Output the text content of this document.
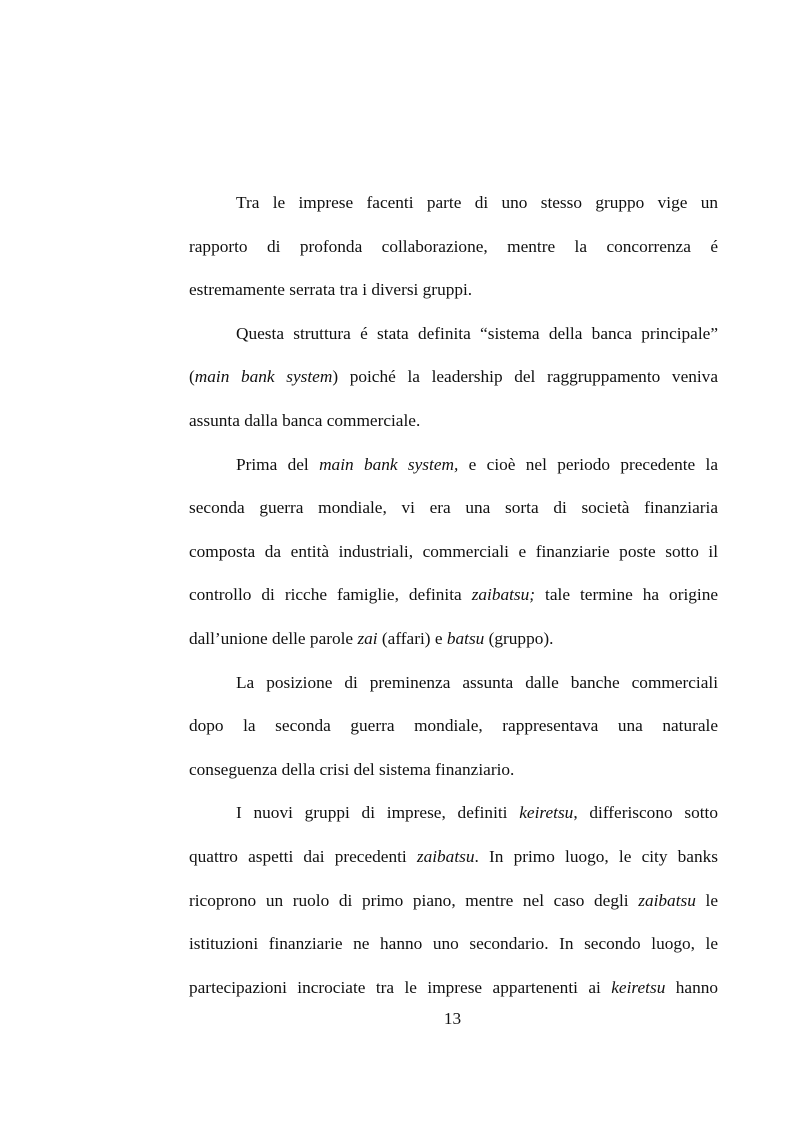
Tra le imprese facenti parte di uno stesso gruppo vige un
rapporto di profonda collaborazione, mentre la concorrenza é
estremamente serrata tra i diversi gruppi.
Questa struttura é stata definita “sistema della banca principale”
(main bank system) poiché la leadership del raggruppamento veniva
assunta dalla banca commerciale.
Prima del main bank system, e cioè nel periodo precedente la
seconda guerra mondiale, vi era una sorta di società finanziaria
composta da entità industriali, commerciali e finanziarie poste sotto il
controllo di ricche famiglie, definita zaibatsu; tale termine ha origine
dall’unione delle parole zai (affari) e batsu (gruppo).
La posizione di preminenza assunta dalle banche commerciali
dopo la seconda guerra mondiale, rappresentava una naturale
conseguenza della crisi del sistema finanziario.
I nuovi gruppi di imprese, definiti keiretsu, differiscono sotto
quattro aspetti dai precedenti zaibatsu. In primo luogo, le city banks
ricoprono un ruolo di primo piano, mentre nel caso degli zaibatsu le
istituzioni finanziarie ne hanno uno secondario. In secondo luogo, le
partecipazioni incrociate tra le imprese appartenenti ai keiretsu hanno
13
